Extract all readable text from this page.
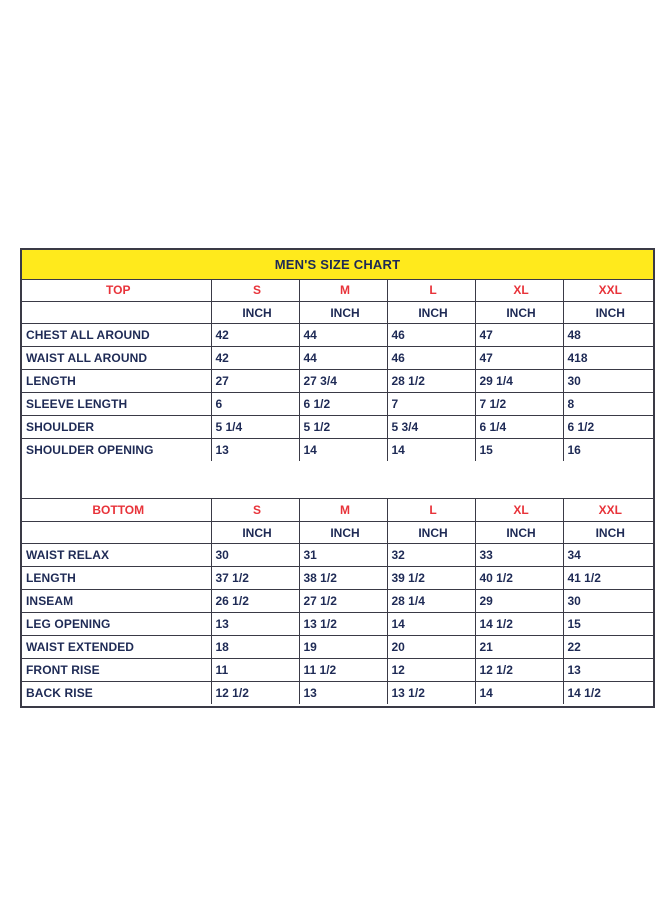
MEN'S SIZE CHART
TOP	S	M	L	XL	XXL
	INCH	INCH	INCH	INCH	INCH
CHEST ALL AROUND	42	44	46	47	48
WAIST ALL AROUND	42	44	46	47	418
LENGTH	27	27 3/4	28 1/2	29 1/4	30
SLEEVE LENGTH	6	6 1/2	7	7 1/2	8
SHOULDER	5 1/4	5 1/2	5 3/4	6 1/4	6 1/2
SHOULDER OPENING	13	14	14	15	16
BOTTOM	S	M	L	XL	XXL
	INCH	INCH	INCH	INCH	INCH
WAIST RELAX	30	31	32	33	34
LENGTH	37 1/2	38 1/2	39 1/2	40 1/2	41 1/2
INSEAM	26 1/2	27 1/2	28 1/4	29	30
LEG OPENING	13	13 1/2	14	14 1/2	15
WAIST EXTENDED	18	19	20	21	22
FRONT RISE	11	11 1/2	12	12 1/2	13
BACK RISE	12 1/2	13	13 1/2	14	14 1/2
